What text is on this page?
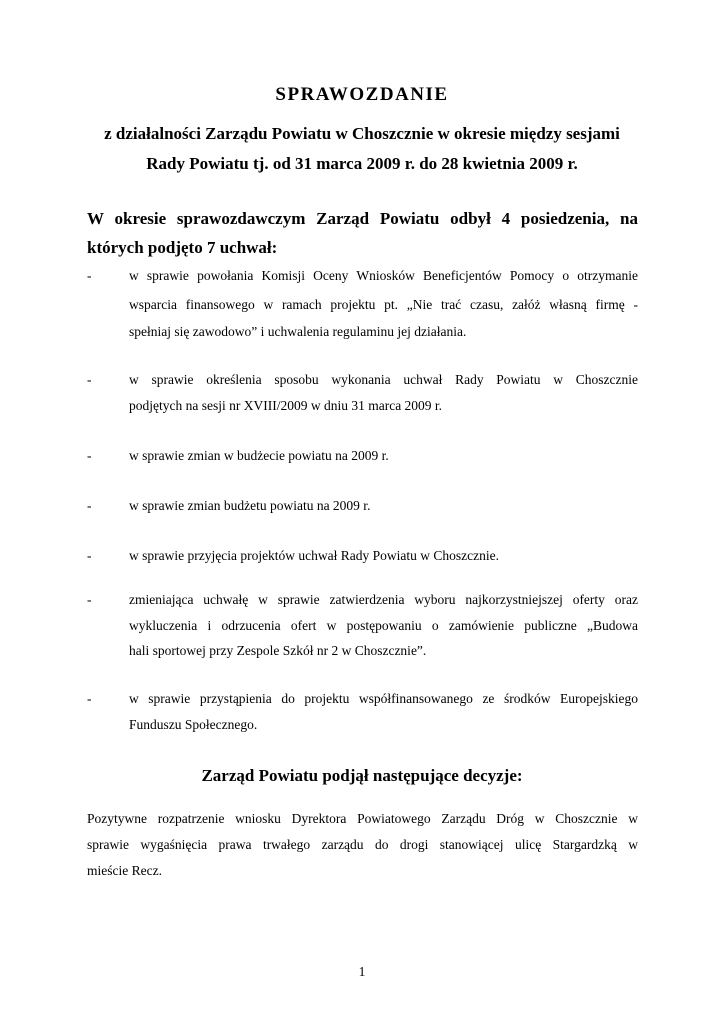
SPRAWOZDANIE
z działalności Zarządu Powiatu w Choszcznie w okresie między sesjami
Rady Powiatu tj. od 31 marca 2009 r. do 28 kwietnia 2009 r.
W okresie sprawozdawczym Zarząd Powiatu odbył 4 posiedzenia, na
których podjęto 7 uchwał:
-	w sprawie powołania Komisji Oceny Wniosków Beneficjentów Pomocy o otrzymanie
wsparcia finansowego w ramach projektu pt. „Nie trać czasu, załóż własną firmę -
spełniaj się zawodowo” i uchwalenia regulaminu jej działania.
-	w sprawie określenia sposobu wykonania uchwał Rady Powiatu w Choszcznie
podjętych na sesji nr XVIII/2009 w dniu 31 marca 2009 r.
-	w sprawie zmian w budżecie powiatu na 2009 r.
-	w sprawie zmian budżetu powiatu na 2009 r.
-	w sprawie przyjęcia projektów uchwał Rady Powiatu w Choszcznie.
-	zmieniająca uchwałę w sprawie zatwierdzenia wyboru najkorzystniejszej oferty oraz
wykluczenia i odrzucenia ofert w postępowaniu o zamówienie publiczne „Budowa
hali sportowej przy Zespole Szkół nr 2 w Choszcznie”.
-	w sprawie przystąpienia do projektu współfinansowanego ze środków Europejskiego
Funduszu Społecznego.
Zarząd Powiatu podjął następujące decyzje:
Pozytywne rozpatrzenie wniosku Dyrektora Powiatowego Zarządu Dróg w Choszcznie w
sprawie wygaśnięcia prawa trwałego zarządu do drogi stanowiącej ulicę Stargardzką w
mieście Recz.
1
